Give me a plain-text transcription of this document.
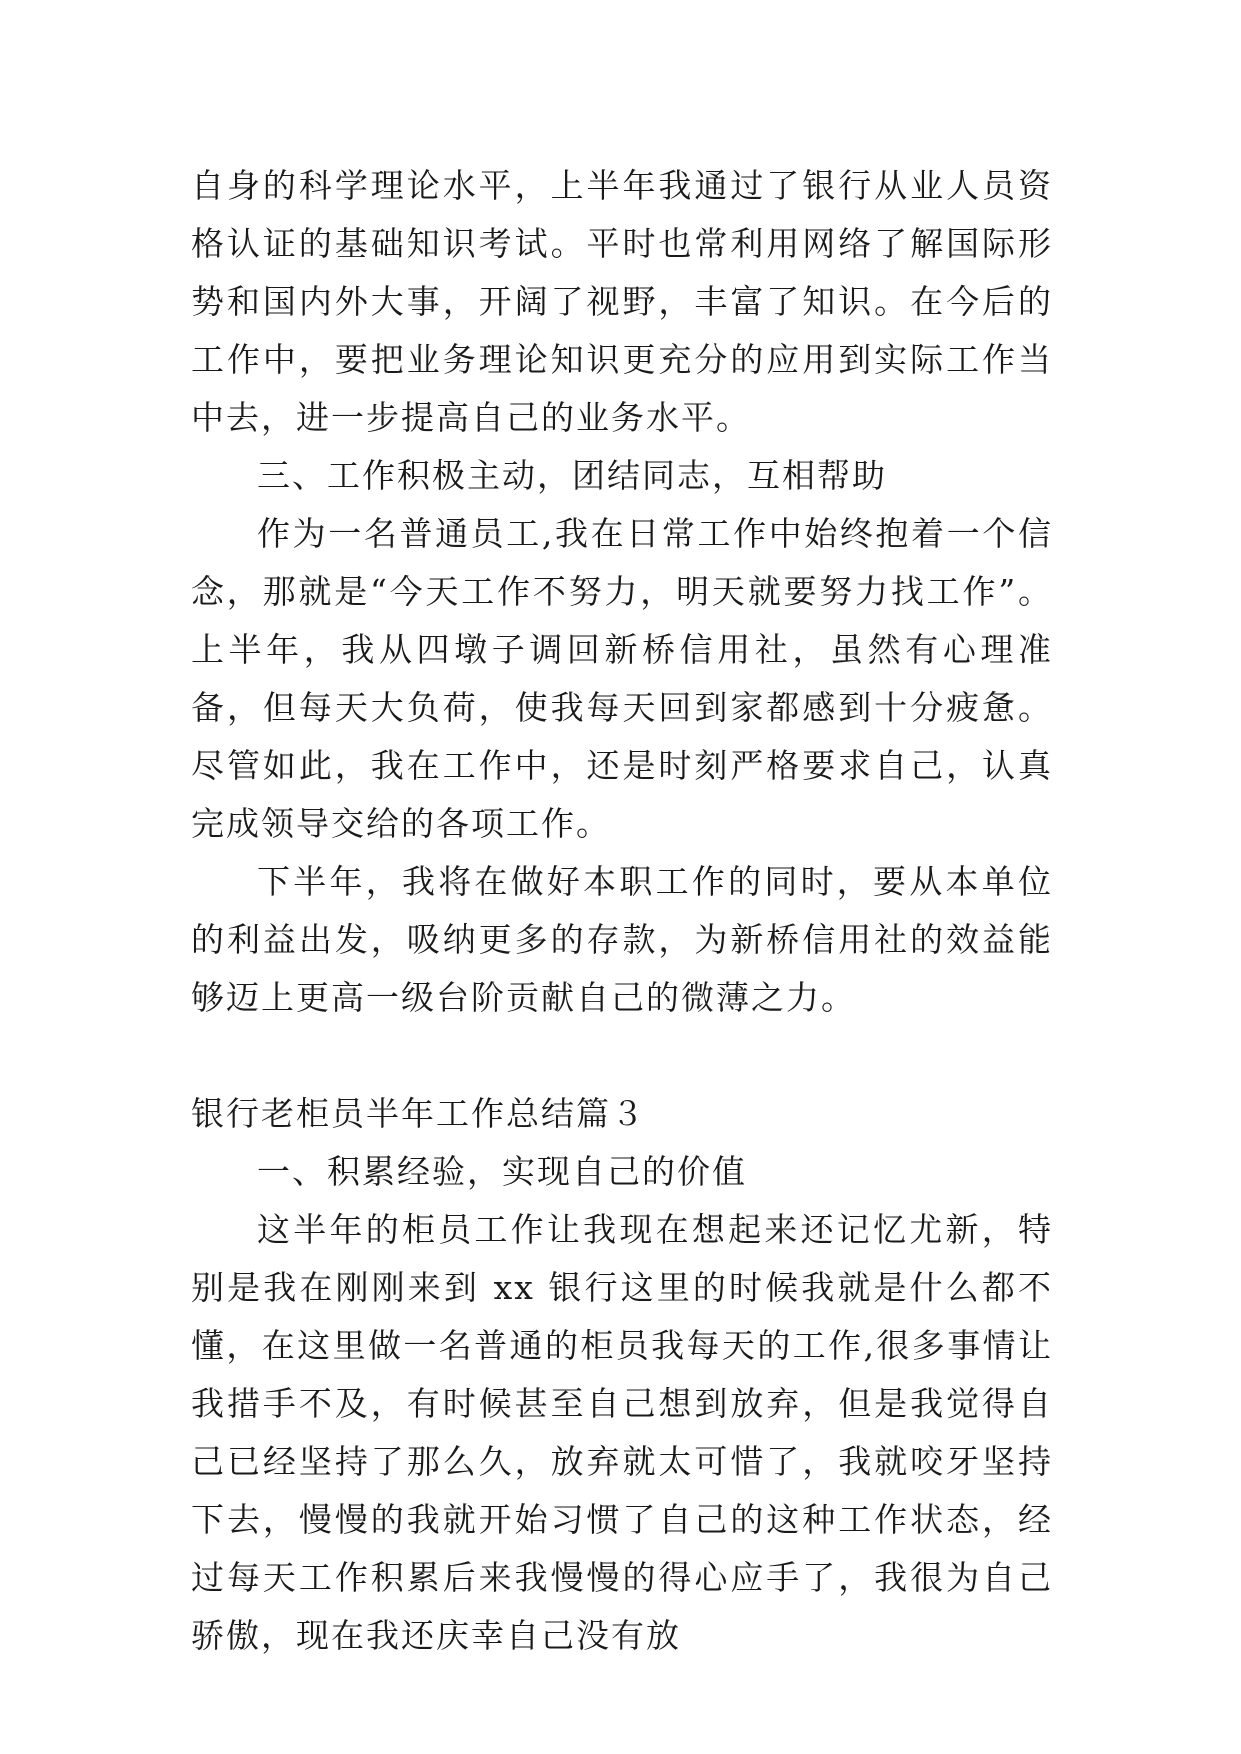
自身的科学理论水平，上半年我通过了银行从业人员资格认证的基础知识考试。平时也常利用网络了解国际形势和国内外大事，开阔了视野，丰富了知识。在今后的工作中，要把业务理论知识更充分的应用到实际工作当中去，进一步提高自己的业务水平。

三、工作积极主动，团结同志，互相帮助

作为一名普通员工,我在日常工作中始终抱着一个信念，那就是“今天工作不努力，明天就要努力找工作”。上半年，我从四墩子调回新桥信用社，虽然有心理准备，但每天大负荷，使我每天回到家都感到十分疲惫。尽管如此，我在工作中，还是时刻严格要求自己，认真完成领导交给的各项工作。

下半年，我将在做好本职工作的同时，要从本单位的利益出发，吸纳更多的存款，为新桥信用社的效益能够迈上更高一级台阶贡献自己的微薄之力。

银行老柜员半年工作总结篇３

一、积累经验，实现自己的价值

这半年的柜员工作让我现在想起来还记忆尤新，特别是我在刚刚来到 xx 银行这里的时候我就是什么都不懂，在这里做一名普通的柜员我每天的工作,很多事情让我措手不及，有时候甚至自己想到放弃，但是我觉得自己已经坚持了那么久，放弃就太可惜了，我就咬牙坚持下去，慢慢的我就开始习惯了自己的这种工作状态，经过每天工作积累后来我慢慢的得心应手了，我很为自己骄傲，现在我还庆幸自己没有放
